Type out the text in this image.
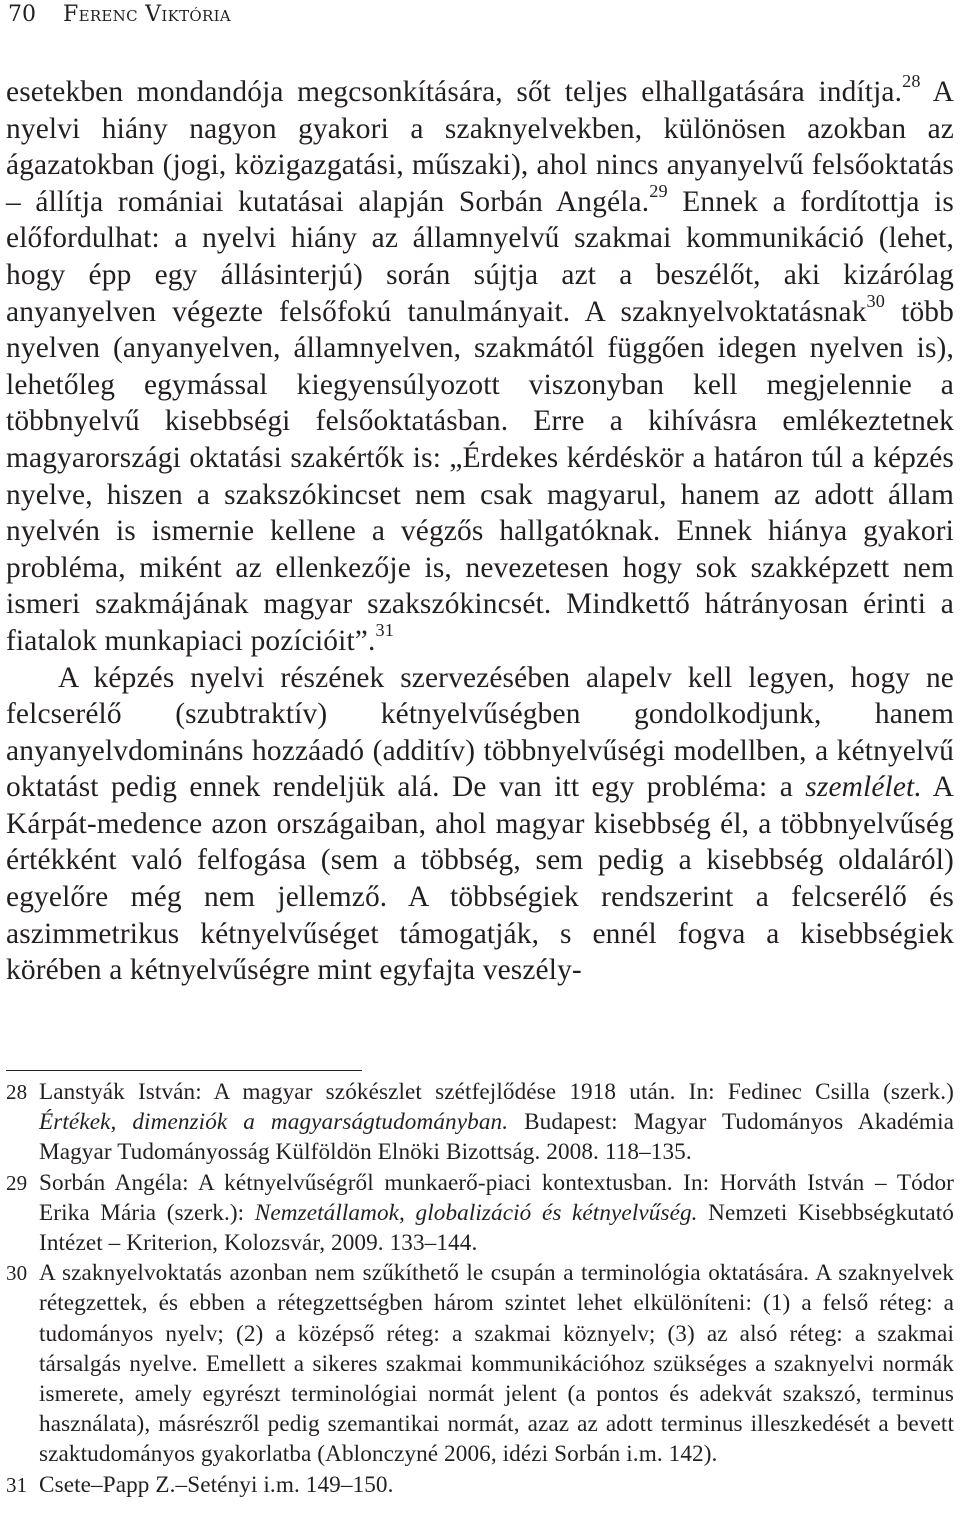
70 Ferenc Viktória

esetekben mondandója megcsonkítására, sőt teljes elhallgatására indítja.$^{28}$ A nyelvi hiány nagyon gyakori a szaknyelvekben, különösen azokban az ágazatokban (jogi, közigazgatási, műszaki), ahol nincs anyanyelvű felsőoktatás – állítja romániai kutatásai alapján Sorbán Angéla.$^{29}$ Ennek a fordítottja is előfordulhat: a nyelvi hiány az államnyelvű szakmai kommunikáció (lehet, hogy épp egy állásinterjú) során sújtja azt a beszélőt, aki kizárólag anyanyelven végezte felsőfokú tanulmányait. A szaknyelvoktatásnak$^{30}$ több nyelven (anyanyelven, államnyelven, szakmától függően idegen nyelven is), lehetőleg egymással kiegyensúlyozott viszonyban kell megjelennie a többnyelvű kisebbségi felsőoktatásban. Erre a kihívásra emlékeztetnek magyarországi oktatási szakértők is: „Érdekes kérdéskör a határon túl a képzés nyelve, hiszen a szakszókincset nem csak magyarul, hanem az adott állam nyelvén is ismernie kellene a végzős hallgatóknak. Ennek hiánya gyakori probléma, miként az ellenkezője is, nevezetesen hogy sok szakképzett nem ismeri szakmájának magyar szakszókincsét. Mindkettő hátrányosan érinti a fiatalok munkapiaci pozícióit”.$^{31}$

A képzés nyelvi részének szervezésében alapelv kell legyen, hogy ne felcserélő (szubtraktív) kétnyelvűségben gondolkodjunk, hanem anyanyelvdomináns hozzáadó (additív) többnyelvűségi modellben, a kétnyelvű oktatást pedig ennek rendeljük alá. De van itt egy probléma: a szemlélet. A Kárpát-medence azon országaiban, ahol magyar kisebbség él, a többnyelvűség értékként való felfogása (sem a többség, sem pedig a kisebbség oldaláról) egyelőre még nem jellemző. A többségiek rendszerint a felcserélő és aszimmetrikus kétnyelvűséget támogatják, s ennél fogva a kisebbségiek körében a kétnyelvűségre mint egyfajta veszély-

28 Lanstyák István: A magyar szókészlet szétfejlődése 1918 után. In: Fedinec Csilla (szerk.) Értékek, dimenziók a magyarságtudományban. Budapest: Magyar Tudományos Akadémia Magyar Tudományosság Külföldön Elnöki Bizottság. 2008. 118–135.
29 Sorbán Angéla: A kétnyelvűségről munkaerő-piaci kontextusban. In: Horváth István – Tódor Erika Mária (szerk.): Nemzetállamok, globalizáció és kétnyelvűség. Nemzeti Kisebbségkutató Intézet – Kriterion, Kolozsvár, 2009. 133–144.
30 A szaknyelvoktatás azonban nem szűkíthető le csupán a terminológia oktatására. A szaknyelvek rétegzettek, és ebben a rétegzettségben három szintet lehet elkülöníteni: (1) a felső réteg: a tudományos nyelv; (2) a középső réteg: a szakmai köznyelv; (3) az alsó réteg: a szakmai társalgás nyelve. Emellett a sikeres szakmai kommunikációhoz szükséges a szaknyelvi normák ismerete, amely egyrészt terminológiai normát jelent (a pontos és adekvát szakszó, terminus használata), másrészről pedig szemantikai normát, azaz az adott terminus illeszkedését a bevett szaktudományos gyakorlatba (Ablonczyné 2006, idézi Sorbán i.m. 142).
31 Csete–Papp Z.–Setényi i.m. 149–150.
